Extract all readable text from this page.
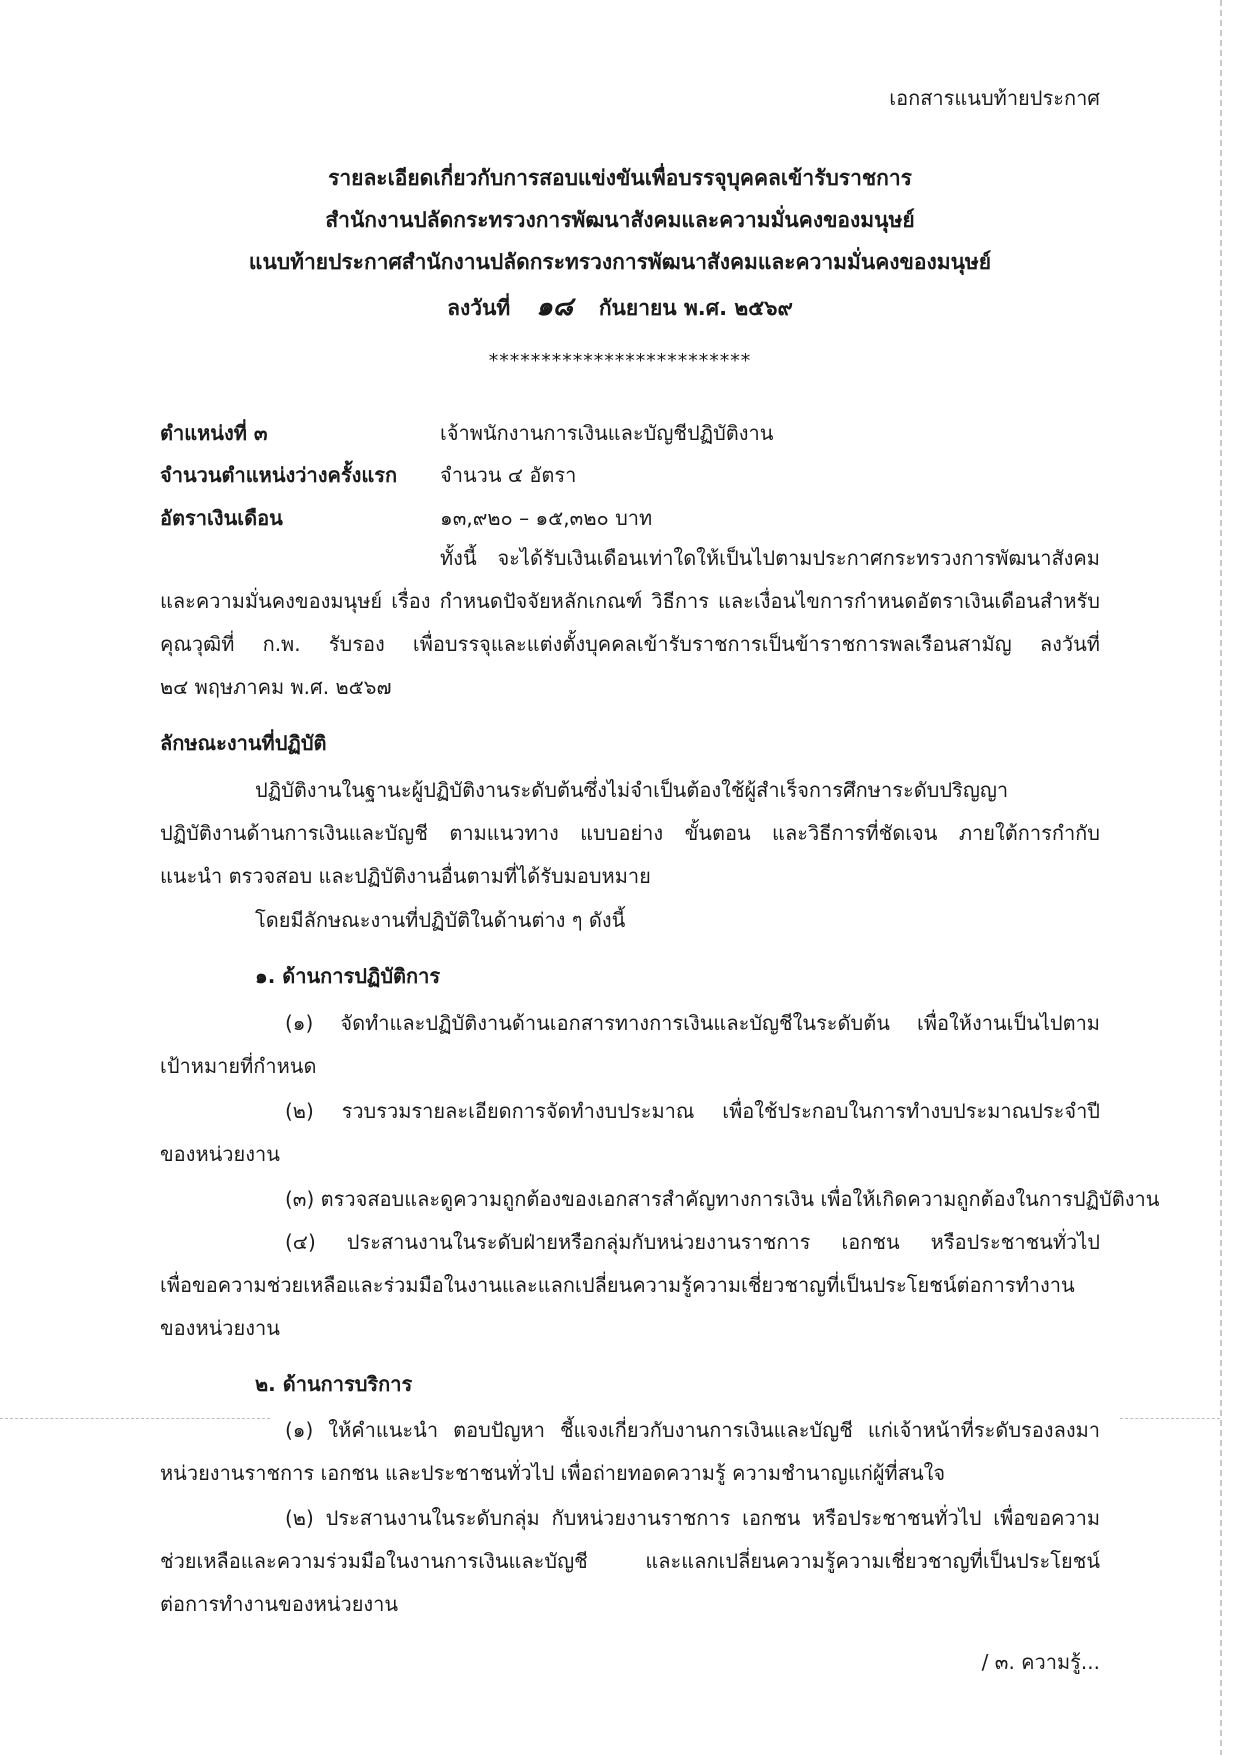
เอกสารแนบท้ายประกาศ
รายละเอียดเกี่ยวกับการสอบแข่งขันเพื่อบรรจุบุคคลเข้ารับราชการ
สำนักงานปลัดกระทรวงการพัฒนาสังคมและความมั่นคงของมนุษย์
แนบท้ายประกาศสำนักงานปลัดกระทรวงการพัฒนาสังคมและความมั่นคงของมนุษย์
ลงวันที่ ๑๘ กันยายน พ.ศ. ๒๕๖๙
*************************
ตำแหน่งที่ ๓	เจ้าพนักงานการเงินและบัญชีปฏิบัติงาน
จำนวนตำแหน่งว่างครั้งแรก จำนวน ๔ อัตรา
อัตราเงินเดือน	๑๓,๙๒๐ – ๑๕,๓๒๐ บาท
ทั้งนี้ จะได้รับเงินเดือนเท่าใดให้เป็นไปตามประกาศกระทรวงการพัฒนาสังคม
และความมั่นคงของมนุษย์ เรื่อง กำหนดปัจจัยหลักเกณฑ์ วิธีการ และเงื่อนไขการกำหนดอัตราเงินเดือนสำหรับ
คุณวุฒิที่ ก.พ. รับรอง เพื่อบรรจุและแต่งตั้งบุคคลเข้ารับราชการเป็นข้าราชการพลเรือนสามัญ ลงวันที่
๒๔ พฤษภาคม พ.ศ. ๒๕๖๗
ลักษณะงานที่ปฏิบัติ
ปฏิบัติงานในฐานะผู้ปฏิบัติงานระดับต้นซึ่งไม่จำเป็นต้องใช้ผู้สำเร็จการศึกษาระดับปริญญา
ปฏิบัติงานด้านการเงินและบัญชี ตามแนวทาง แบบอย่าง ขั้นตอน และวิธีการที่ชัดเจน ภายใต้การกำกับ
แนะนำ ตรวจสอบ และปฏิบัติงานอื่นตามที่ได้รับมอบหมาย
โดยมีลักษณะงานที่ปฏิบัติในด้านต่าง ๆ ดังนี้
๑. ด้านการปฏิบัติการ
(๑) จัดทำและปฏิบัติงานด้านเอกสารทางการเงินและบัญชีในระดับต้น เพื่อให้งานเป็นไปตาม
เป้าหมายที่กำหนด
(๒) รวบรวมรายละเอียดการจัดทำงบประมาณ เพื่อใช้ประกอบในการทำงบประมาณประจำปี
ของหน่วยงาน
(๓) ตรวจสอบและดูความถูกต้องของเอกสารสำคัญทางการเงิน เพื่อให้เกิดความถูกต้องในการปฏิบัติงาน
(๔) ประสานงานในระดับฝ่ายหรือกลุ่มกับหน่วยงานราชการ เอกชน หรือประชาชนทั่วไป
เพื่อขอความช่วยเหลือและร่วมมือในงานและแลกเปลี่ยนความรู้ความเชี่ยวชาญที่เป็นประโยชน์ต่อการทำงาน
ของหน่วยงาน
๒. ด้านการบริการ
(๑) ให้คำแนะนำ ตอบปัญหา ชี้แจงเกี่ยวกับงานการเงินและบัญชี แก่เจ้าหน้าที่ระดับรองลงมา
หน่วยงานราชการ เอกชน และประชาชนทั่วไป เพื่อถ่ายทอดความรู้ ความชำนาญแก่ผู้ที่สนใจ
(๒) ประสานงานในระดับกลุ่ม กับหน่วยงานราชการ เอกชน หรือประชาชนทั่วไป เพื่อขอความ
ช่วยเหลือและความร่วมมือในงานการเงินและบัญชี และแลกเปลี่ยนความรู้ความเชี่ยวชาญที่เป็นประโยชน์
ต่อการทำงานของหน่วยงาน
/ ๓. ความรู้...
